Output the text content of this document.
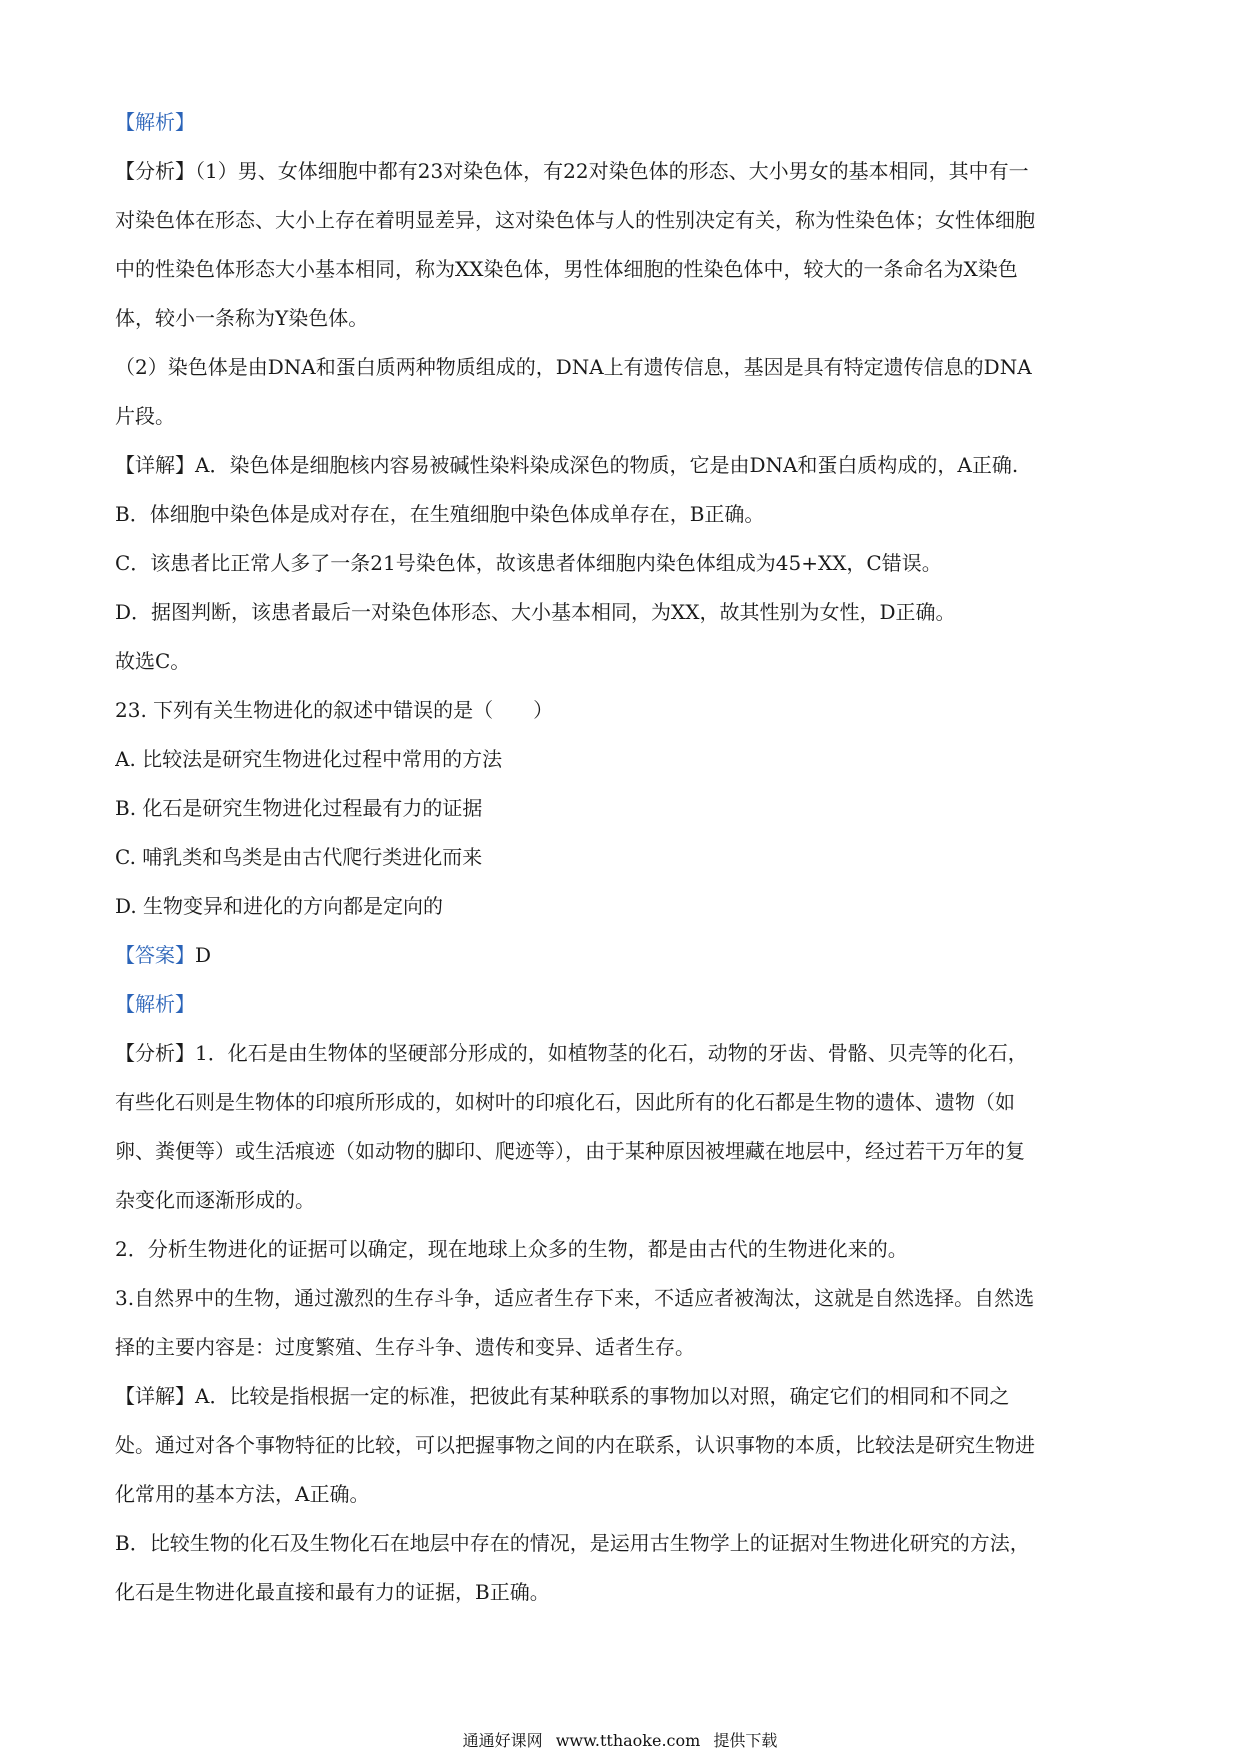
【解析】
【分析】（1）男、女体细胞中都有23对染色体，有22对染色体的形态、大小男女的基本相同，其中有一
对染色体在形态、大小上存在着明显差异，这对染色体与人的性别决定有关，称为性染色体；女性体细胞
中的性染色体形态大小基本相同，称为XX染色体，男性体细胞的性染色体中，较大的一条命名为X染色
体，较小一条称为Y染色体。
（2）染色体是由DNA和蛋白质两种物质组成的，DNA上有遗传信息，基因是具有特定遗传信息的DNA
片段。
【详解】A．染色体是细胞核内容易被碱性染料染成深色的物质，它是由DNA和蛋白质构成的，A正确.
B．体细胞中染色体是成对存在，在生殖细胞中染色体成单存在，B正确。
C．该患者比正常人多了一条21号染色体，故该患者体细胞内染色体组成为45+XX，C错误。
D．据图判断，该患者最后一对染色体形态、大小基本相同，为XX，故其性别为女性，D正确。
故选C。
23. 下列有关生物进化的叙述中错误的是（　　）
A. 比较法是研究生物进化过程中常用的方法
B. 化石是研究生物进化过程最有力的证据
C. 哺乳类和鸟类是由古代爬行类进化而来
D. 生物变异和进化的方向都是定向的
【答案】D
【解析】
【分析】1．化石是由生物体的坚硬部分形成的，如植物茎的化石，动物的牙齿、骨骼、贝壳等的化石，
有些化石则是生物体的印痕所形成的，如树叶的印痕化石，因此所有的化石都是生物的遗体、遗物（如
卵、粪便等）或生活痕迹（如动物的脚印、爬迹等），由于某种原因被埋藏在地层中，经过若干万年的复
杂变化而逐渐形成的。
2．分析生物进化的证据可以确定，现在地球上众多的生物，都是由古代的生物进化来的。
3.自然界中的生物，通过激烈的生存斗争，适应者生存下来，不适应者被淘汰，这就是自然选择。自然选
择的主要内容是：过度繁殖、生存斗争、遗传和变异、适者生存。
【详解】A．比较是指根据一定的标准，把彼此有某种联系的事物加以对照，确定它们的相同和不同之
处。通过对各个事物特征的比较，可以把握事物之间的内在联系，认识事物的本质，比较法是研究生物进
化常用的基本方法，A正确。
B．比较生物的化石及生物化石在地层中存在的情况，是运用古生物学上的证据对生物进化研究的方法，
化石是生物进化最直接和最有力的证据，B正确。
通通好课网 www.tthaoke.com 提供下载
